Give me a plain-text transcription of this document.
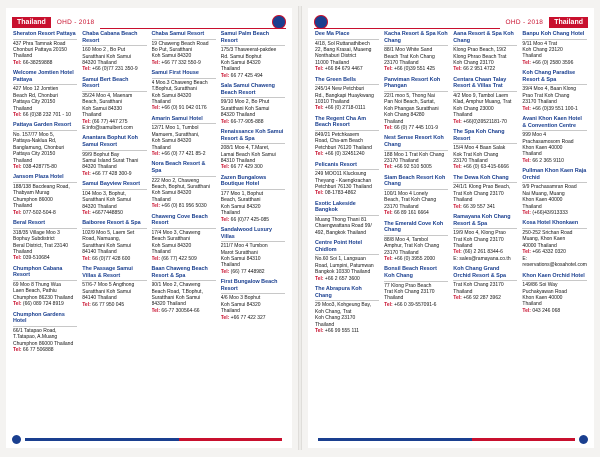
Thailand	OHD - 2018
Sheraton Resort Pattaya
437 Phra Tamnak Road
Chonburi Pattaya 20150
Thailand
Tel: 66-38259888
Welcome Jomtien Hotel Pattaya
427 Moo 12 Jomtien
Beach Rd, Chonburi
Pattaya City 20150
Thailand
Tel: 66 (0)38 232 701 - 10
Pattaya Garden Resort
No. 157/77 Moo 5,
Pattaya-Naklua Rd,
Banglamung, Chonburi
Pattaya City 20150
Thailand
Tel: 038-428775-80
Jansom Plaza Hotel
188/138 Bacdeang Road,
Thabyam Murag
Chumphon 86000
Thailand
Tel: 077-502-504-8
Beral Resort
318/35 Village Moo 3
Bophuy Subdistrict
Beral District, Trat 23140
Thailand
Tel: 039-510684
Chumphon Cabana Resort
69 Moo 8 Thung Wua
Laen Beach, Pathiu
Chumphon 86230 Thailand
Tel: (66) 089 724 8919
Chumphon Gardens Hotel
66/1 Tatapao Road,
T.Tatapao, A.Muang
Chumphon 86000 Thailand
Tel: 66 77 506888
Chaba Cabana Beach Resort
160 Moo 2 , Bo Put
Suratthani Koh Samui
84320 Thailand
Tel: +66 (0)77 231 350-9
Samui Bert Beach Resort
35/24 Moo 4, Maenam
Beach, Suratthani
Koh Samui 84330
Thailand
Tel: (66 77) 447 275
E:info@samuibert.com
Anantara Bophut Koh Samui Resort
99/9 Bophut Bay
Samui Island Surat Thani
84320 Thailand
Tel: +66 77 428 300-9
Samui Bayview Resort
104 Moo 3, Bophut,
Suratthani Koh Samui
84320 Thailand
Tel: +6677448850
Baiboree Resort & Spa
102/9 Moo 5, Laem Set
Road, Namuang,
Suratthani Koh Samui
84140 Thailand
Tel: 66 (0)77 428 600
The Passage Samui Villas & Resort
57/6-7 Moo 5 Angthong
Suratthani Koh Samui
84140 Thailand
Tel: 66 77 950 045
Chaba Samui Resort
19 Chaweng Beach Road
Bo Put, Suratthani
Koh Samui 84320
Tel: +66 77 332 550-9
Samui First House
4 Moo.3 Chaweng Beach
T.Bophut, Suratthani
Koh Samui 84320
Thailand
Tel: +66 (0) 91 042 0176
Amarin Samui Hotel
12/71 Moo 1, Tumbol
Mamuem, Suratthani,
Koh Samui 84320
Thailand
Tel: +66 (0) 77 421 85-2
Nora Beach Resort & Spa
222 Moo 2, Chaweng
Beach, Bophut, Suratthani
Koh Samui 84320
Thailand
Tel: +66 (0) 81 956 5030
Chaweng Cove Beach Resort
17/4 Moo 3, Chaweng
Beach Suratthani
Koh Samui 84320
Thailand
Tel: (66 77) 422 509
Baan Chaweng Beach Resort & Spa
90/1 Moo 2, Chaweng
Beach Road, T.Bophut,
Suratthani Koh Samui
84320 Thailand
Tel: 66-77 300564-66
Samui Palm Beach Resort
175/3 Thaweerat-pakdee
Rd. Samui Bophut
Koh Samui 84320
Thailand
Tel: 66 77 425 494
Sala Samui Chaweng Beach Resort
99/10 Moo 2, Bo Phut
Suratthani Koh Samui
84320 Thailand
Tel: 66-77-905-888
Renaissance Koh Samui Resort & Spa
208/1 Moo 4, T.Maret,
Lamai Beach Koh Samui
84310 Thailand
Tel: 66 77 429 300
Zazen Bungalows Boutique Hotel
177 Moo 1, Bophut
Beach, Suratthani
Koh Samui 84320
Thailand
Tel: 66 (0)77 425-085
Sandalwood Luxury Villas
211/7 Moo 4 Tumbon
Marot Suratthani
Koh Samui 84310
Thailand
Tel: (66) 77 448982
First Bungalow Beach Resort
4/6 Moo 3 Bophut
Koh Samui 84320
Thailand
Tel: +66 77 422 327
Thailand
OHD - 2018
Dee Ma Place
4/18, Sol Ruttanathibech
22, Bang Krasai, Muaeng
Nonthaburi District
11000 Thailand
Tel: +66 84 679 4467
The Green Bells
245/14 New Petchburi
Rd., Bangkapi Huaykwang
10310 Thailand
Tel: +66 (0) 2718-0111
The Regent Cha Am Beach Resort
849/21 Petchkasem
Road, Cha-am Beach
Petchburi 76120 Thailand
Tel: +66 (0) 32451240
Pelicanis Resort
249 MOO11 Klucksung
Theyang - Kaengkrachan
Petchburi 76130 Thailand
Tel: 08-1783-4862
Exotic Lakeside Bangkok
Muang Thong Thani 81
Chaengwattana Road 99/
492, Bangkok Thailand
Centre Point Hotel Chidlom
No.60 Soi 1, Langsuan
Road, Lumpini, Patumwan
Bangkok 10330 Thailand
Tel: +66 2 657 3600
The Abrapura Koh Chang
29 Moo3, Kohgeung Bay,
Koh Chang, Trat
Koh Chang 23170
Thailand
Tel: +66 99 555 111
Kacha Resort & Spa Koh Chang
88/1 Moo White Sand
Beach Trat Koh Chang
23170 Thailand
Tel: +66 (0)39 551 425
Panviman Resort Koh Phangan
22/1 moo 5, Thong Nai
Pan Noi Beach, Surtat,
Koh Phangan Suratthani
Koh Chang 84280
Thailand
Tel: 66 (0) 77 445 101-9
Nest Sense Resort Koh Chang
188 Moo 1 Trat Koh Chang
23170 Thailand
Tel: +66 92 510 5005
Siam Beach Resort Koh Chang
100/1 Moo 4 Lonely
Beach, Trat Koh Chang
23170 Thailand
Tel: 66 89 161 6664
The Emerald Cove Koh Chang
88/8 Moo 4, Tambol
Amphur, Trat Koh Chang
23170 Thailand
Tel: +66 (0) 3955 2000
Bonsil Beach Resort Koh Chang
77 Klong Prao Beach
Trat Koh Chang 23170
Thailand
Tel: +66 0 39-557091-6
Aana Resort & Spa Koh Chang
Klong Prao Beach, 19/2
Klong Phrao Beach Trat
Koh Chang 23170
Tel: 66 2 951 4722
Centara Chaan Talay Resort & Villas Trat
4/2 Moo 9, Tambol Laem
Klad, Amphur Muang, Trat
Koh Chang 23000
Thailand
Tel: +66(0)39521181-70
The Spa Koh Chang Resort
15/4 Moo 4 Baan Salak
Kok Trat Koh Chang
23170 Thailand
Tel: +66 (0) 63-415-6666
The Dewa Koh Chang
24/1/1 Klong Prao Beach,
Trat Koh Chang 23170
Thailand
Tel: 66 39 557 341
Ramayana Koh Chang Resort & Spa
19/9 Moo 4, Klong Prao
Trat Koh Chang 23170
Thailand
Tel: (66) 2 261 8344-6
E: sales@ramayana.co.th
Koh Chang Grand Orchid Resort & Spa
Trat Koh Chang 23170
Thailand
Tel: +66 92 287 3962
Banpu Koh Chang Hotel
9/11 Moo 4 Trat
Koh Chang 23120
Thailand
Tel: +66 (0) 2580 3596
Koh Chang Paradise Resort & Spa
39/4 Moo 4, Baan Klong
Prao Trat Koh Chang
23170 Thailand
Tel: +66 (0)39 551 100-1
Avani Khon Kaen Hotel & Convention Centre
999 Moo 4
Prachasamosorn Road
Khon Kaen 40000
Thailand
Tel: 66 2 365 9110
Pullman Khon Kaen Raja Orchid
9/9 Prachasamran Road
Nai Muang, Muang
Khon Kaen 40000
Thailand
Tel: (+66)43/913333
Kosa Hotel Khonkaen
250-252 Srichan Road
Muang, Khon Kaen
40000 Thailand
Tel: +66 4332 0320
E:
reservations@kosahotel.com
Khon Kaen Orchid Hotel
149/86 Soi Way
Puchakyawan Road
Khon Kaen 40000
Thailand
Tel: 043 246 068
